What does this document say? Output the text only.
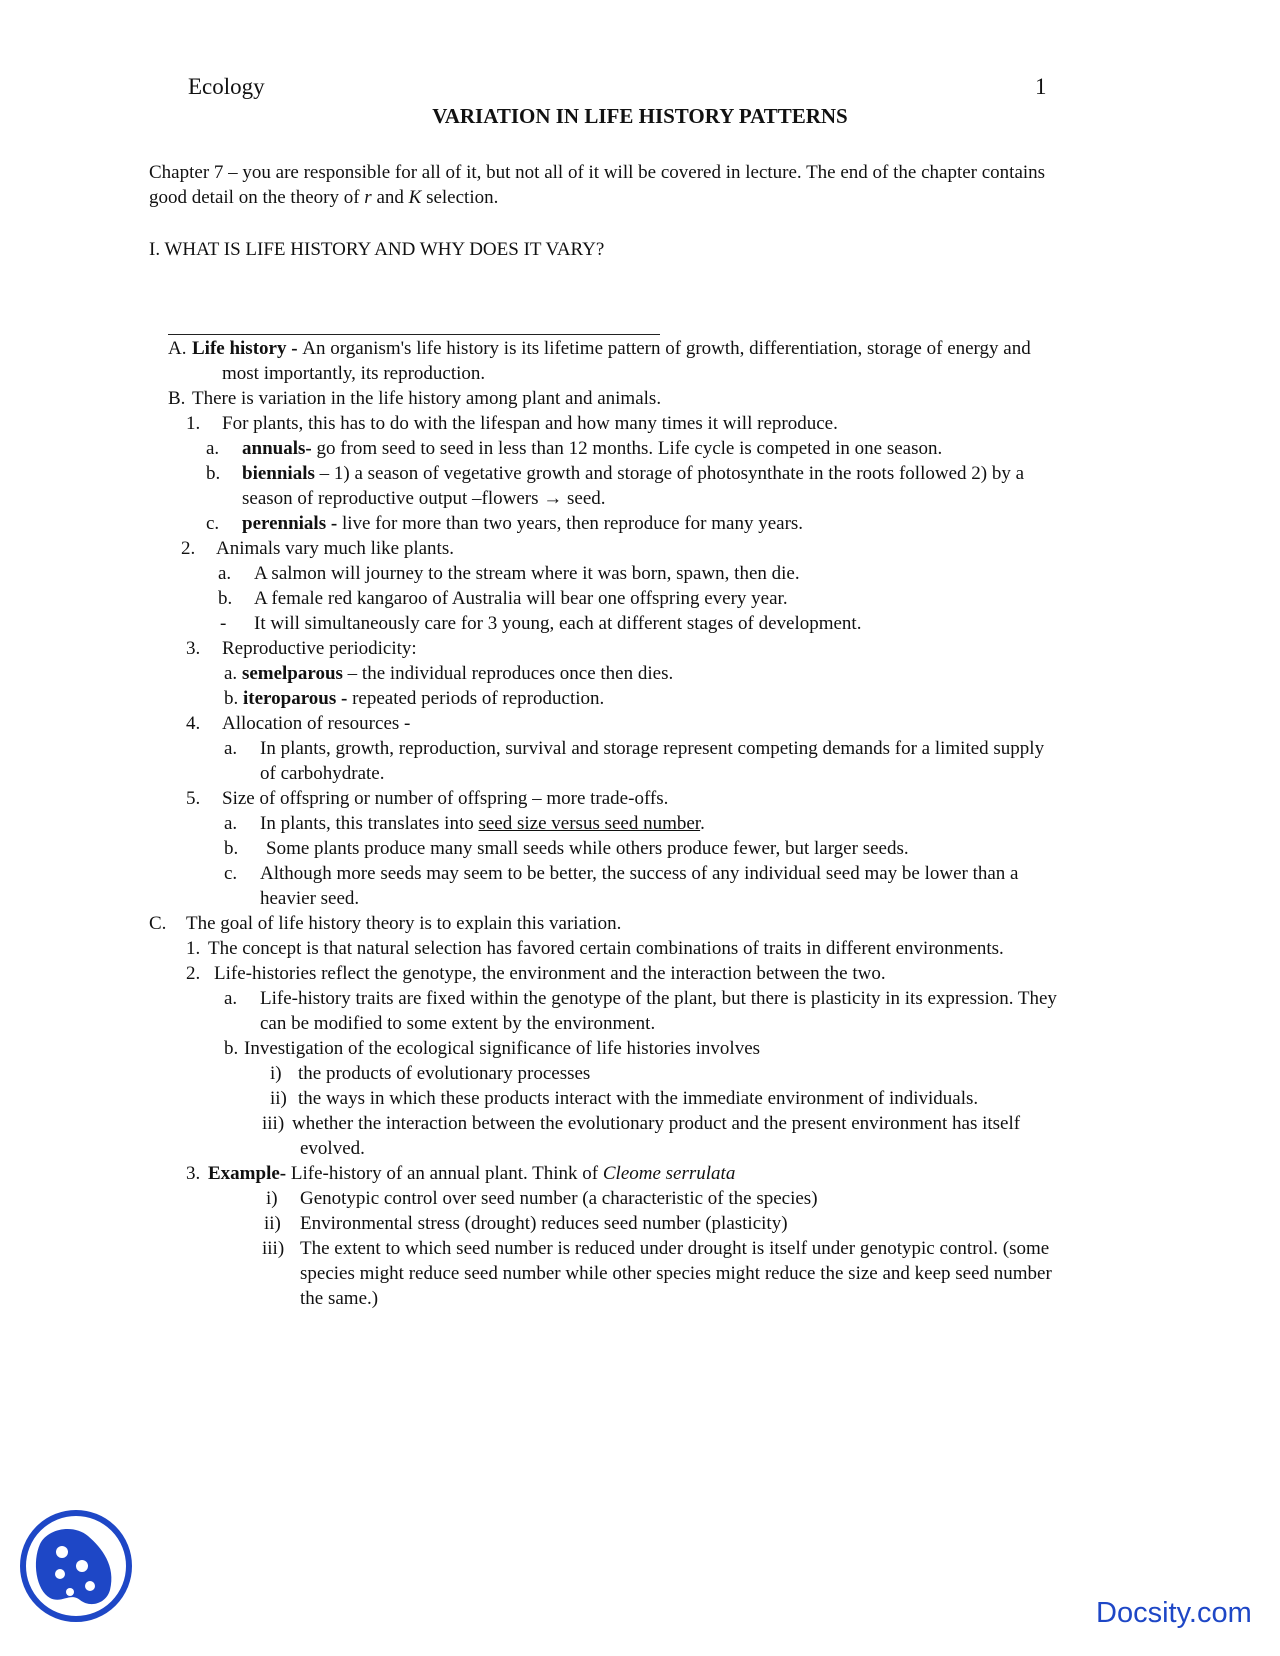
Ecology	1
VARIATION IN LIFE HISTORY PATTERNS
Chapter 7 – you are responsible for all of it, but not all of it will be covered in lecture. The end of the chapter contains
good detail on the theory of r and K selection.
I. WHAT IS LIFE HISTORY AND WHY DOES IT VARY?
A. Life history - An organism's life history is its lifetime pattern of growth, differentiation, storage of energy and
most importantly, its reproduction.
B. There is variation in the life history among plant and animals.
1. For plants, this has to do with the lifespan and how many times it will reproduce.
a. annuals- go from seed to seed in less than 12 months. Life cycle is competed in one season.
b. biennials – 1) a season of vegetative growth and storage of photosynthate in the roots followed 2) by a
season of reproductive output –flowers → seed.
c. perennials - live for more than two years, then reproduce for many years.
2. Animals vary much like plants.
a. A salmon will journey to the stream where it was born, spawn, then die.
b. A female red kangaroo of Australia will bear one offspring every year.
- It will simultaneously care for 3 young, each at different stages of development.
3. Reproductive periodicity:
a. semelparous – the individual reproduces once then dies.
b. iteroparous - repeated periods of reproduction.
4. Allocation of resources -
a. In plants, growth, reproduction, survival and storage represent competing demands for a limited supply
of carbohydrate.
5. Size of offspring or number of offspring – more trade-offs.
a. In plants, this translates into seed size versus seed number.
b. Some plants produce many small seeds while others produce fewer, but larger seeds.
c. Although more seeds may seem to be better, the success of any individual seed may be lower than a
heavier seed.
C. The goal of life history theory is to explain this variation.
1. The concept is that natural selection has favored certain combinations of traits in different environments.
2. Life-histories reflect the genotype, the environment and the interaction between the two.
a. Life-history traits are fixed within the genotype of the plant, but there is plasticity in its expression. They
can be modified to some extent by the environment.
b. Investigation of the ecological significance of life histories involves
i) the products of evolutionary processes
ii) the ways in which these products interact with the immediate environment of individuals.
iii) whether the interaction between the evolutionary product and the present environment has itself
evolved.
3. Example- Life-history of an annual plant. Think of Cleome serrulata
i) Genotypic control over seed number (a characteristic of the species)
ii) Environmental stress (drought) reduces seed number (plasticity)
iii) The extent to which seed number is reduced under drought is itself under genotypic control. (some
species might reduce seed number while other species might reduce the size and keep seed number
the same.)
Docsity.com
